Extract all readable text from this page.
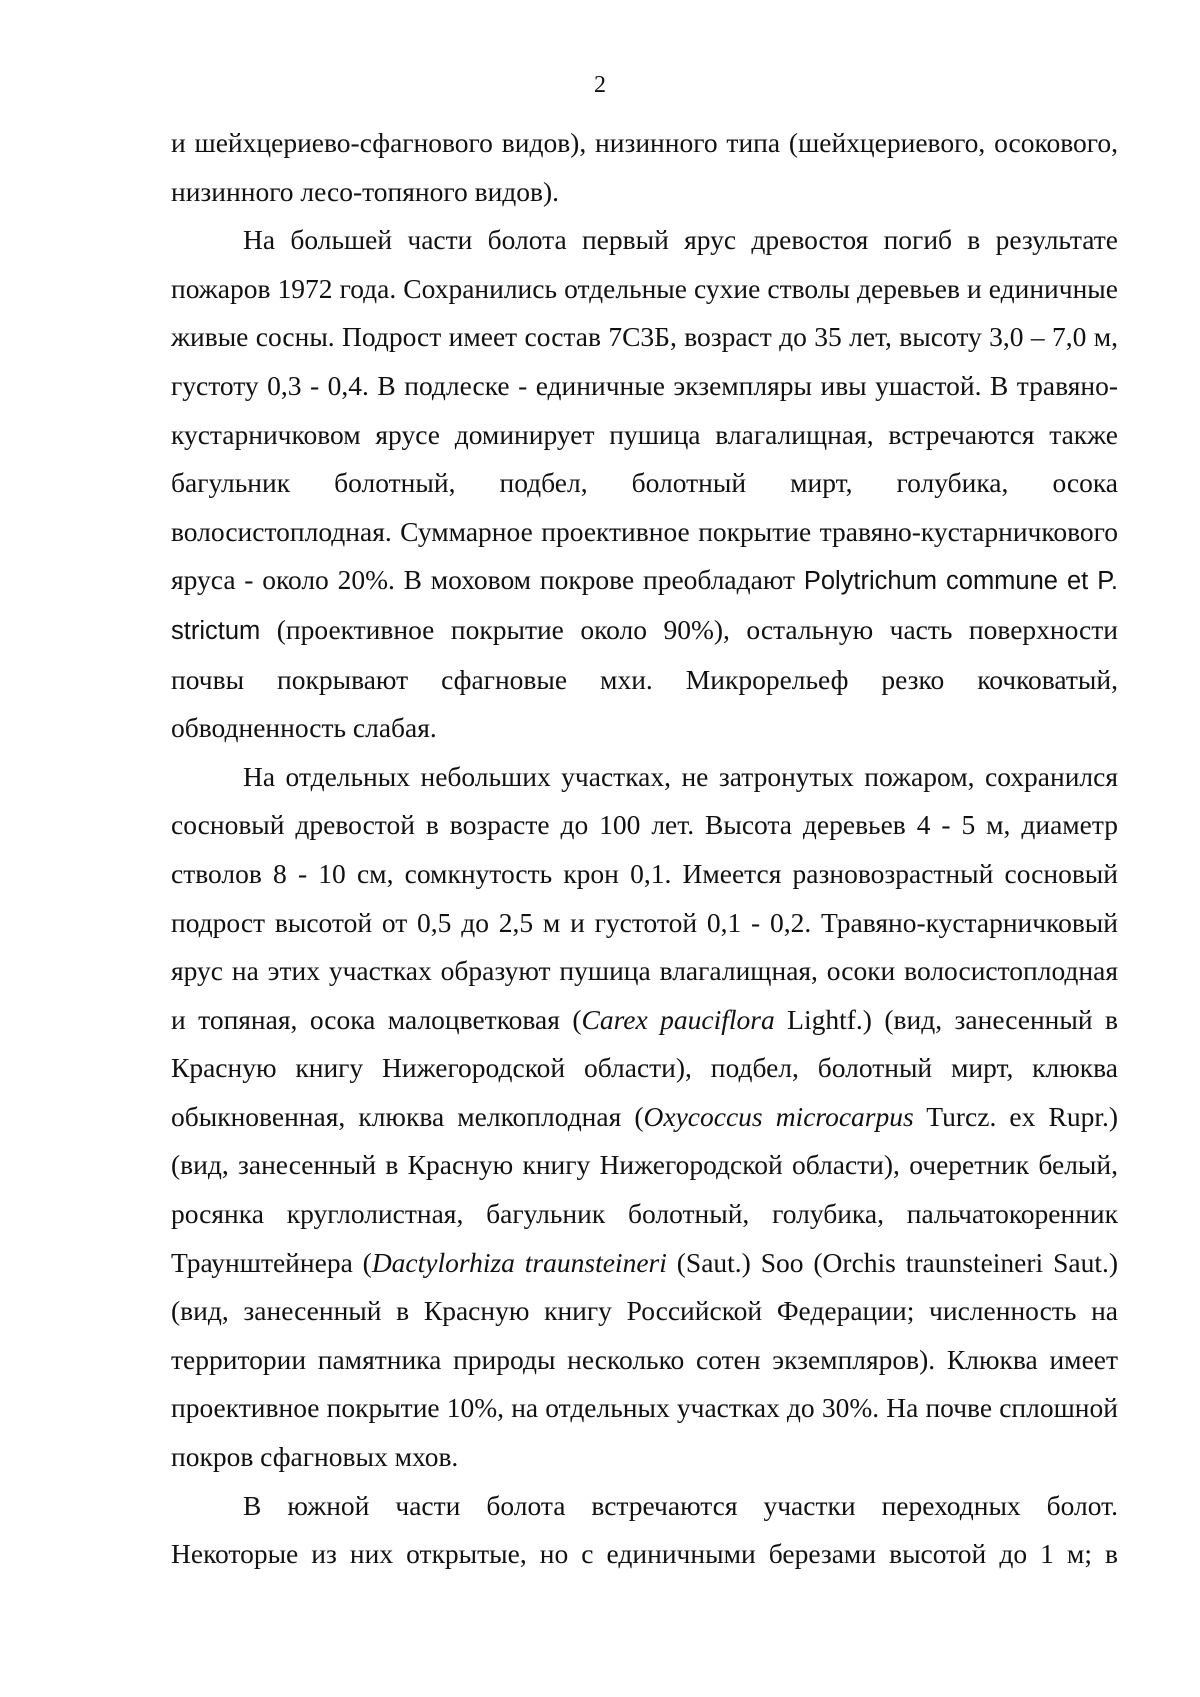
2

и шейхцериево-сфагнового видов), низинного типа (шейхцериевого, осокового, низинного лесо-топяного видов).

На большей части болота первый ярус древостоя погиб в результате пожаров 1972 года. Сохранились отдельные сухие стволы деревьев и единичные живые сосны. Подрост имеет состав 7С3Б, возраст до 35 лет, высоту 3,0 – 7,0 м, густоту 0,3 - 0,4. В подлеске - единичные экземпляры ивы ушастой. В травяно-кустарничковом ярусе доминирует пушица влагалищная, встречаются также багульник болотный, подбел, болотный мирт, голубика, осока волосистоплодная. Суммарное проективное покрытие травяно-кустарничкового яруса - около 20%. В моховом покрове преобладают Polytrichum commune et P. strictum (проективное покрытие около 90%), остальную часть поверхности почвы покрывают сфагновые мхи. Микрорельеф резко кочковатый, обводненность слабая.

На отдельных небольших участках, не затронутых пожаром, сохранился сосновый древостой в возрасте до 100 лет. Высота деревьев 4 - 5 м, диаметр стволов 8 - 10 см, сомкнутость крон 0,1. Имеется разновозрастный сосновый подрост высотой от 0,5 до 2,5 м и густотой 0,1 - 0,2. Травяно-кустарничковый ярус на этих участках образуют пушица влагалищная, осоки волосистоплодная и топяная, осока малоцветковая (Carex pauciflora Lightf.) (вид, занесенный в Красную книгу Нижегородской области), подбел, болотный мирт, клюква обыкновенная, клюква мелкоплодная (Oxycoccus microcarpus Turcz. ex Rupr.) (вид, занесенный в Красную книгу Нижегородской области), очеретник белый, росянка круглолистная, багульник болотный, голубика, пальчатокоренник Траунштейнера (Dactylorhiza traunsteineri (Saut.) Soo (Orchis traunsteineri Saut.) (вид, занесенный в Красную книгу Российской Федерации; численность на территории памятника природы несколько сотен экземпляров). Клюква имеет проективное покрытие 10%, на отдельных участках до 30%. На почве сплошной покров сфагновых мхов.

В южной части болота встречаются участки переходных болот. Некоторые из них открытые, но с единичными березами высотой до 1 м; в
